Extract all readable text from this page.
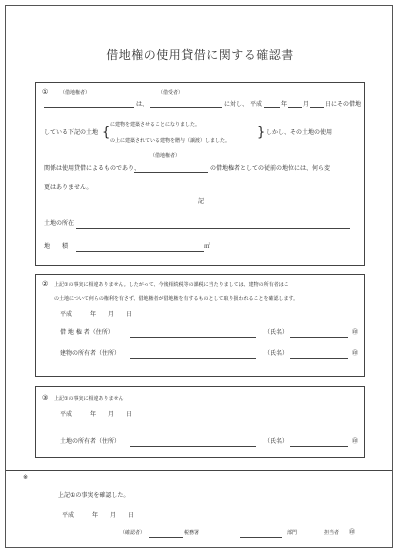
借地権の使用貸借に関する確認書
① （借地権者）	（借受者）
は、	に対し、 平成	年	月	日にその借地
している下記の土地 { に建物を建築させることになりました。
の上に建築されている建物を贈与（譲渡）しました。
} しかし、その土地の使用
（借地権者）
関係は使用貸借によるものであり、	の借地権者としての従前の地位には、何ら変
更はありません。
記
土地の所在
地　　積	㎡
② 上記①の事実に相違ありません。したがって、今後相続税等の課税に当たりましては、建物の所有者はこ
の土地について何らの権利を有さず、借地権者が借地権を有するものとして取り扱われることを確認します。
平成　　　年　　月　　日
借 地 権 者（住所）	（氏名）	㊞
建物の所有者（住所）	（氏名）	㊞
③ 上記①の事実に相違ありません
平成　　　年　　月　　日
土地の所有者（住所）	（氏名）	㊞
※
上記①の事実を確認した。
平成　　　年　　月　　日
（確認者）	税務署	部門	担当者 ㊞
